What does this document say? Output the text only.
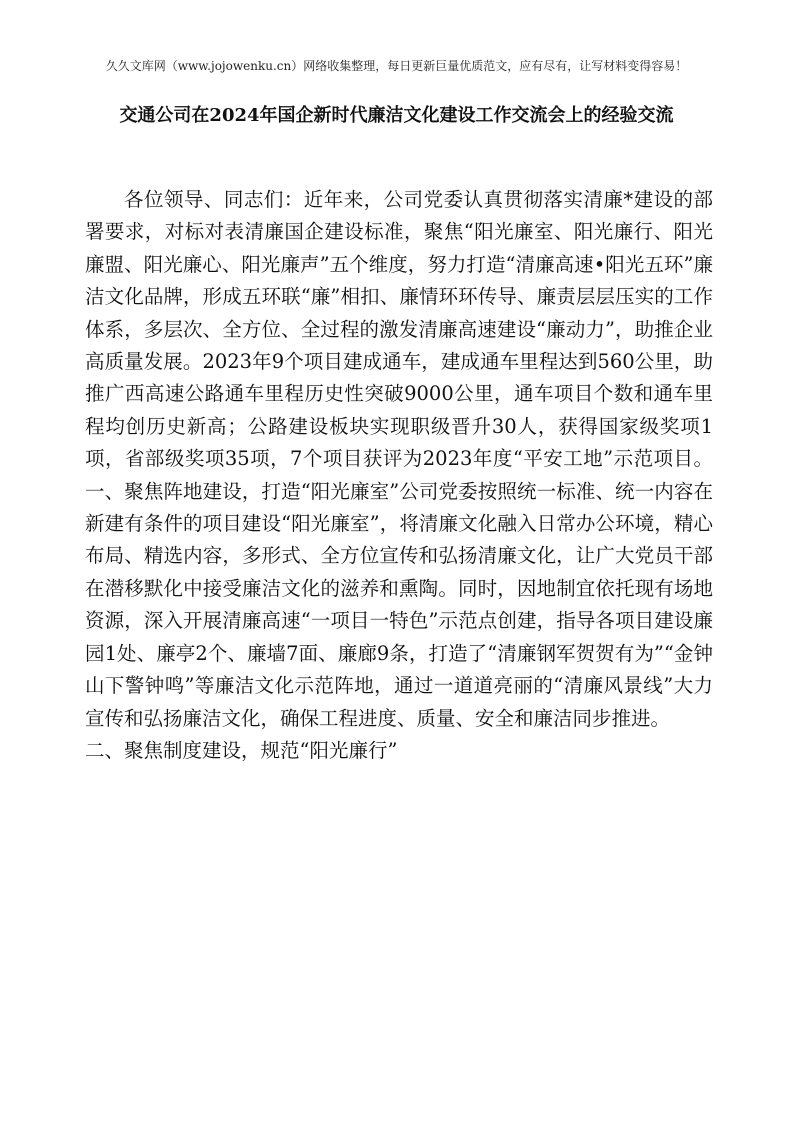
久久文库网（www.jojowenku.cn）网络收集整理，每日更新巨量优质范文，应有尽有，让写材料变得容易！
交通公司在2024年国企新时代廉洁文化建设工作交流会上的经验交流

各位领导、同志们：近年来，公司党委认真贯彻落实清廉*建设的部署要求，对标对表清廉国企建设标准，聚焦“阳光廉室、阳光廉行、阳光廉盟、阳光廉心、阳光廉声”五个维度，努力打造“清廉高速•阳光五环”廉洁文化品牌，形成五环联“廉”相扣、廉情环环传导、廉责层层压实的工作体系，多层次、全方位、全过程的激发清廉高速建设“廉动力”，助推企业高质量发展。2023年9个项目建成通车，建成通车里程达到560公里，助推广西高速公路通车里程历史性突破9000公里，通车项目个数和通车里程均创历史新高；公路建设板块实现职级晋升30人，获得国家级奖项1项，省部级奖项35项，7个项目获评为2023年度“平安工地”示范项目。一、聚焦阵地建设，打造“阳光廉室”公司党委按照统一标准、统一内容在新建有条件的项目建设“阳光廉室”，将清廉文化融入日常办公环境，精心布局、精选内容，多形式、全方位宣传和弘扬清廉文化，让广大党员干部在潜移默化中接受廉洁文化的滋养和熏陶。同时，因地制宜依托现有场地资源，深入开展清廉高速“一项目一特色”示范点创建，指导各项目建设廉园1处、廉亭2个、廉墙7面、廉廊9条，打造了“清廉钢军贺贺有为”“金钟山下警钟鸣”等廉洁文化示范阵地，通过一道道亮丽的“清廉风景线”大力宣传和弘扬廉洁文化，确保工程进度、质量、安全和廉洁同步推进。

二、聚焦制度建设，规范“阳光廉行”
